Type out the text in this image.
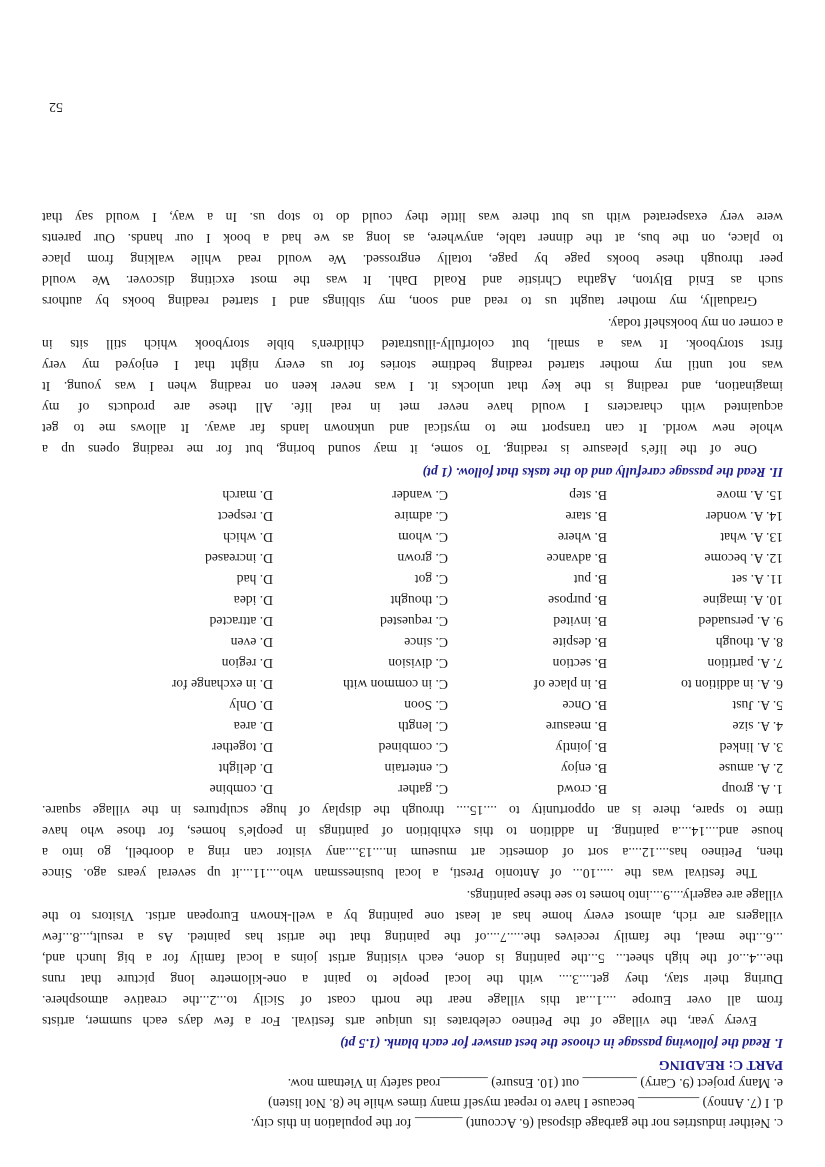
c. Neither industries nor the garbage disposal (6. Account) _______ for the population in this city.
d. I (7. Annoy) _________ because I have to repeat myself many times while he (8. Not listen)
e. Many project (9. Carry) ________ out (10. Ensure) _______road safety in Vietnam now.
PART C: READING
I. Read the following passage in choose the best answer for each blank. (1.5 pt)
Every year, the village of the Petineo celebrates its unique arts festival. For a few days each summer, artists
from all over Europe ....1...at this village near the north coast of Sicily to...2...the creative atmosphere.
During their stay, they get....3.... with the local people to paint a one-kilometre long picture that runs
the...4...of the high sheet... 5...the painting is done, each visiting artist joins a local family for a big lunch and,
...6...the meal, the family receives the.....7....of the painting that the artist has painted. As a result,...8...few
villagers are rich, almost every home has at least one painting by a well-known European artist. Visitors to the
village are eagerly....9....into homes to see these paintings.
The festival was the .....10... of Antonio Presti, a local businessman who....11....it up several years ago. Since
then, Petineo has....12....a sort of domestic art museum in....13....any visitor can ring a doorbell, go into a
house and....14....a painting. In addition to this exhibition of paintings in people's homes, for those who have
time to spare, there is an opportunity to ....15.... through the display of huge sculptures in the village square.
1. A. group
B. crowd
C. gather
D. combine
2. A. amuse
B. enjoy
C. entertain
D. delight
3. A. linked
B. jointly
C. combined
D. together
4. A. size
B. measure
C. length
D. area
5. A. Just
B. Once
C. Soon
D. Only
6. A. in addition to
B. in place of
C. in common with
D. in exchange for
7. A. partition
B. section
C. division
D. region
8. A. though
B. despite
C. since
D. even
9. A. persuaded
B. invited
C. requested
D. attracted
10. A. imagine
B. purpose
C. thought
D. idea
11. A. set
B. put
C. got
D. had
12. A. become
B. advance
C. grown
D. increased
13. A. what
B. where
C. whom
D. which
14. A. wonder
B. stare
C. admire
D. respect
15. A. move
B. step
C. wander
D. march
II. Read the passage carefully and do the tasks that follow. (1 pt)
One of the life's pleasure is reading. To some, it may sound boring, but for me reading opens up a
whole new world. It can transport me to mystical and unknown lands far away. It allows me to get
acquainted with characters I would have never met in real life. All these are products of my
imagination, and reading is the key that unlocks it. I was never keen on reading when I was young. It
was not until my mother started reading bedtime stories for us every night that I enjoyed my very
first storybook. It was a small, but colorfully-illustrated children's bible storybook which still sits in
a corner on my bookshelf today.
Gradually, my mother taught us to read and soon, my siblings and I started reading books by authors
such as Enid Blyton, Agatha Christie and Roald Dahl. It was the most exciting discover. We would
peer through these books page by page, totally engrossed. We would read while walking from place
to place, on the bus, at the dinner table, anywhere, as long as we had a book I our hands. Our parents
were very exasperated with us but there was little they could do to stop us. In a way, I would say that
52
